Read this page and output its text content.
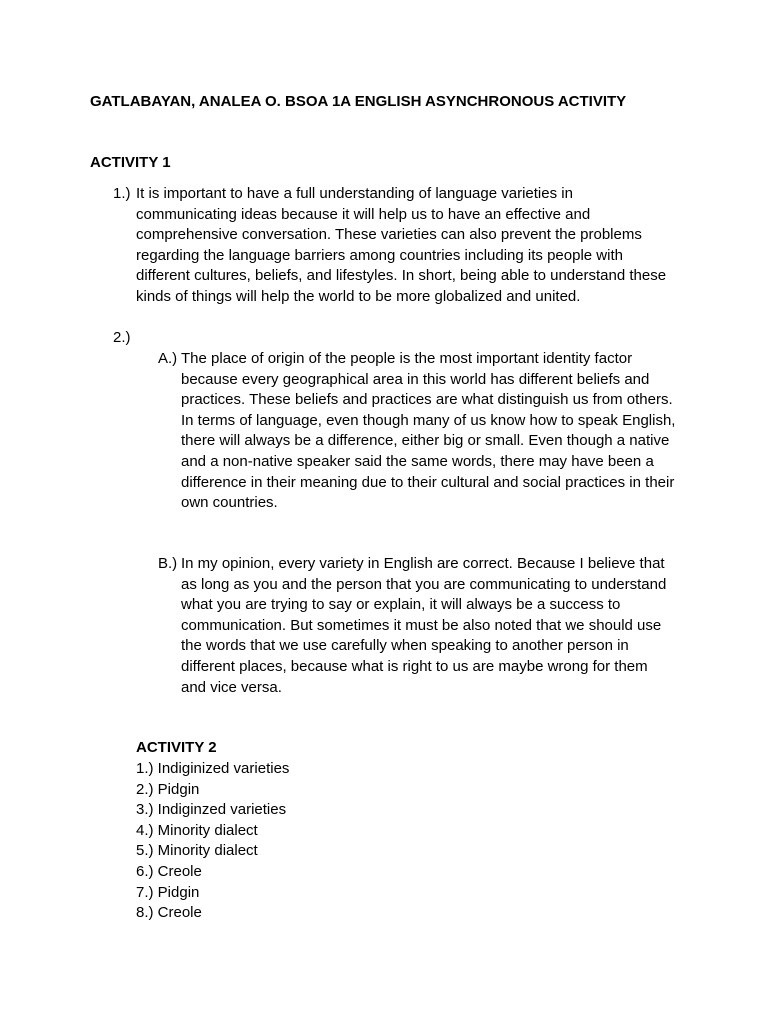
GATLABAYAN, ANALEA O. BSOA 1A ENGLISH ASYNCHRONOUS ACTIVITY
ACTIVITY 1
1.) It is important to have a full understanding of language varieties in
communicating ideas because it will help us to have an effective and
comprehensive conversation. These varieties can also prevent the problems
regarding the language barriers among countries including its people with
different cultures, beliefs, and lifestyles. In short, being able to understand these
kinds of things will help the world to be more globalized and united.
2.)
A.) The place of origin of the people is the most important identity factor
because every geographical area in this world has different beliefs and
practices. These beliefs and practices are what distinguish us from others.
In terms of language, even though many of us know how to speak English,
there will always be a difference, either big or small. Even though a native
and a non-native speaker said the same words, there may have been a
difference in their meaning due to their cultural and social practices in their
own countries.
B.) In my opinion, every variety in English are correct. Because I believe that
as long as you and the person that you are communicating to understand
what you are trying to say or explain, it will always be a success to
communication. But sometimes it must be also noted that we should use
the words that we use carefully when speaking to another person in
different places, because what is right to us are maybe wrong for them
and vice versa.
ACTIVITY 2
1.) Indiginized varieties
2.) Pidgin
3.) Indiginzed varieties
4.) Minority dialect
5.) Minority dialect
6.) Creole
7.) Pidgin
8.) Creole
